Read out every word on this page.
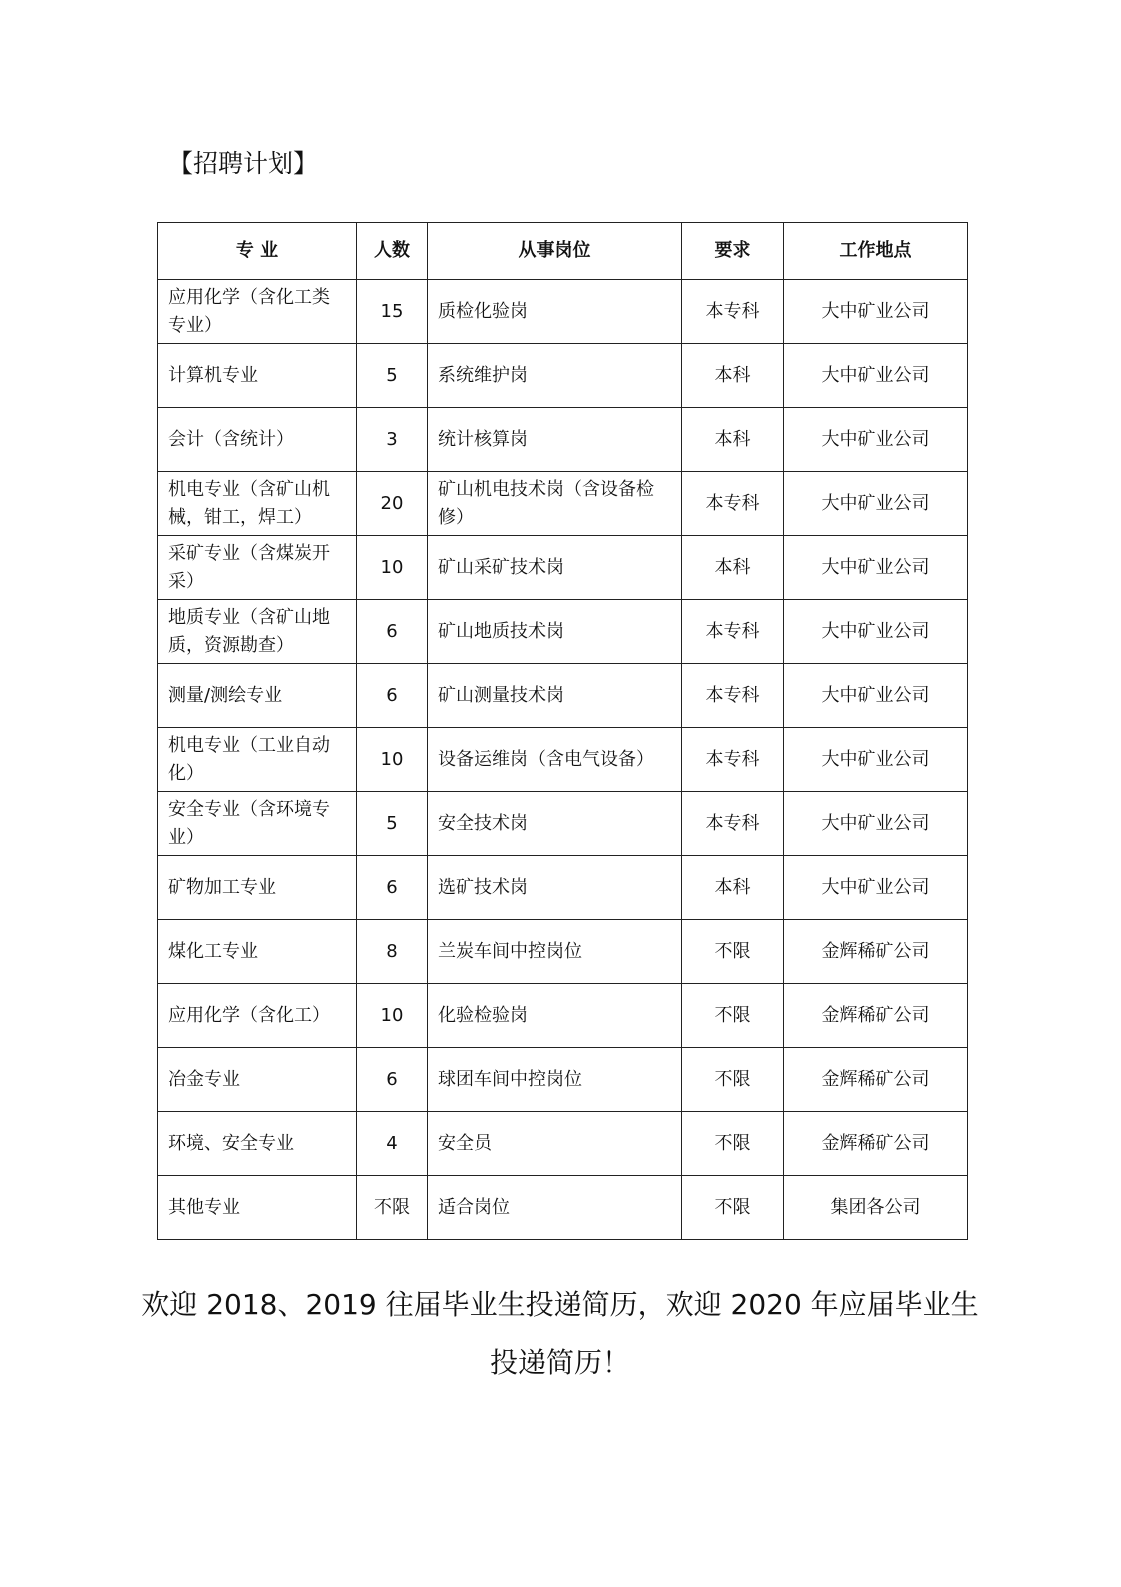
【招聘计划】
专 业	人数	从事岗位	要求	工作地点
应用化学（含化工类专业）	15	质检化验岗	本专科	大中矿业公司
计算机专业	5	系统维护岗	本科	大中矿业公司
会计（含统计）	3	统计核算岗	本科	大中矿业公司
机电专业（含矿山机械，钳工，焊工）	20	矿山机电技术岗（含设备检修）	本专科	大中矿业公司
采矿专业（含煤炭开采）	10	矿山采矿技术岗	本科	大中矿业公司
地质专业（含矿山地质，资源勘查）	6	矿山地质技术岗	本专科	大中矿业公司
测量/测绘专业	6	矿山测量技术岗	本专科	大中矿业公司
机电专业（工业自动化）	10	设备运维岗（含电气设备）	本专科	大中矿业公司
安全专业（含环境专业）	5	安全技术岗	本专科	大中矿业公司
矿物加工专业	6	选矿技术岗	本科	大中矿业公司
煤化工专业	8	兰炭车间中控岗位	不限	金辉稀矿公司
应用化学（含化工）	10	化验检验岗	不限	金辉稀矿公司
冶金专业	6	球团车间中控岗位	不限	金辉稀矿公司
环境、安全专业	4	安全员	不限	金辉稀矿公司
其他专业	不限	适合岗位	不限	集团各公司

欢迎 2018、2019 往届毕业生投递简历，欢迎 2020 年应届毕业生投递简历！
